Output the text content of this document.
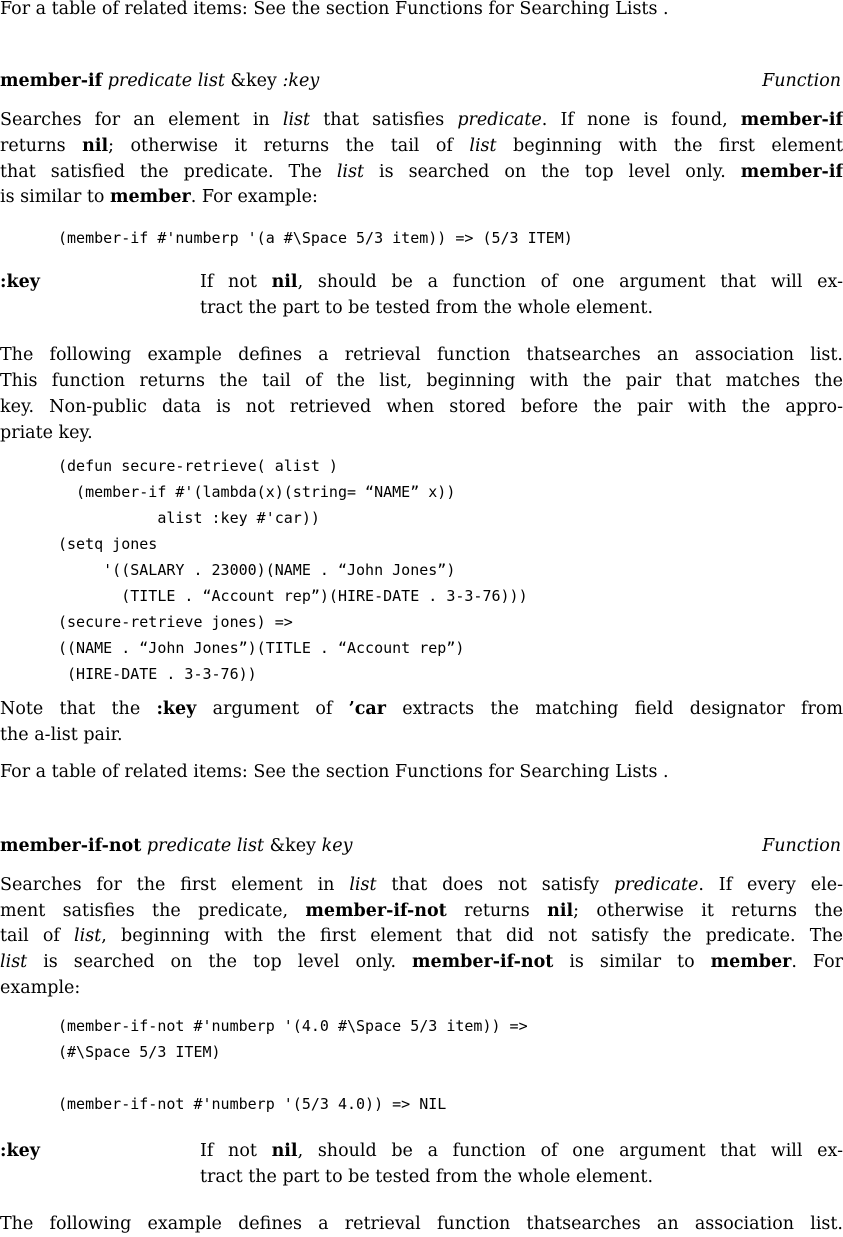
For a table of related items: See the section Functions for Searching Lists .
member-if predicate list &key :key	Function
Searches for an element in list that satisfies predicate. If none is found, member-if
returns nil; otherwise it returns the tail of list beginning with the first element
that satisfied the predicate. The list is searched on the top level only. member-if
is similar to member. For example:
(member-if #'numberp '(a #\Space 5/3 item)) => (5/3 ITEM)
:key	If not nil, should be a function of one argument that will ex-
tract the part to be tested from the whole element.
The following example defines a retrieval function thatsearches an association list.
This function returns the tail of the list, beginning with the pair that matches the
key. Non-public data is not retrieved when stored before the pair with the appro-
priate key.
(defun secure-retrieve( alist )
(member-if #'(lambda(x)(string= “NAME” x))
alist :key #'car))
(setq jones
'((SALARY . 23000)(NAME . “John Jones”)
(TITLE . “Account rep”)(HIRE-DATE . 3-3-76)))
(secure-retrieve jones) =>
((NAME . “John Jones”)(TITLE . “Account rep”)
(HIRE-DATE . 3-3-76))
Note that the :key argument of ’car extracts the matching field designator from
the a-list pair.
For a table of related items: See the section Functions for Searching Lists .
member-if-not predicate list &key key	Function
Searches for the first element in list that does not satisfy predicate. If every ele-
ment satisfies the predicate, member-if-not returns nil; otherwise it returns the
tail of list, beginning with the first element that did not satisfy the predicate. The
list is searched on the top level only. member-if-not is similar to member. For
example:
(member-if-not #'numberp '(4.0 #\Space 5/3 item)) =>
(#\Space 5/3 ITEM)
(member-if-not #'numberp '(5/3 4.0)) => NIL
:key	If not nil, should be a function of one argument that will ex-
tract the part to be tested from the whole element.
The following example defines a retrieval function thatsearches an association list.
